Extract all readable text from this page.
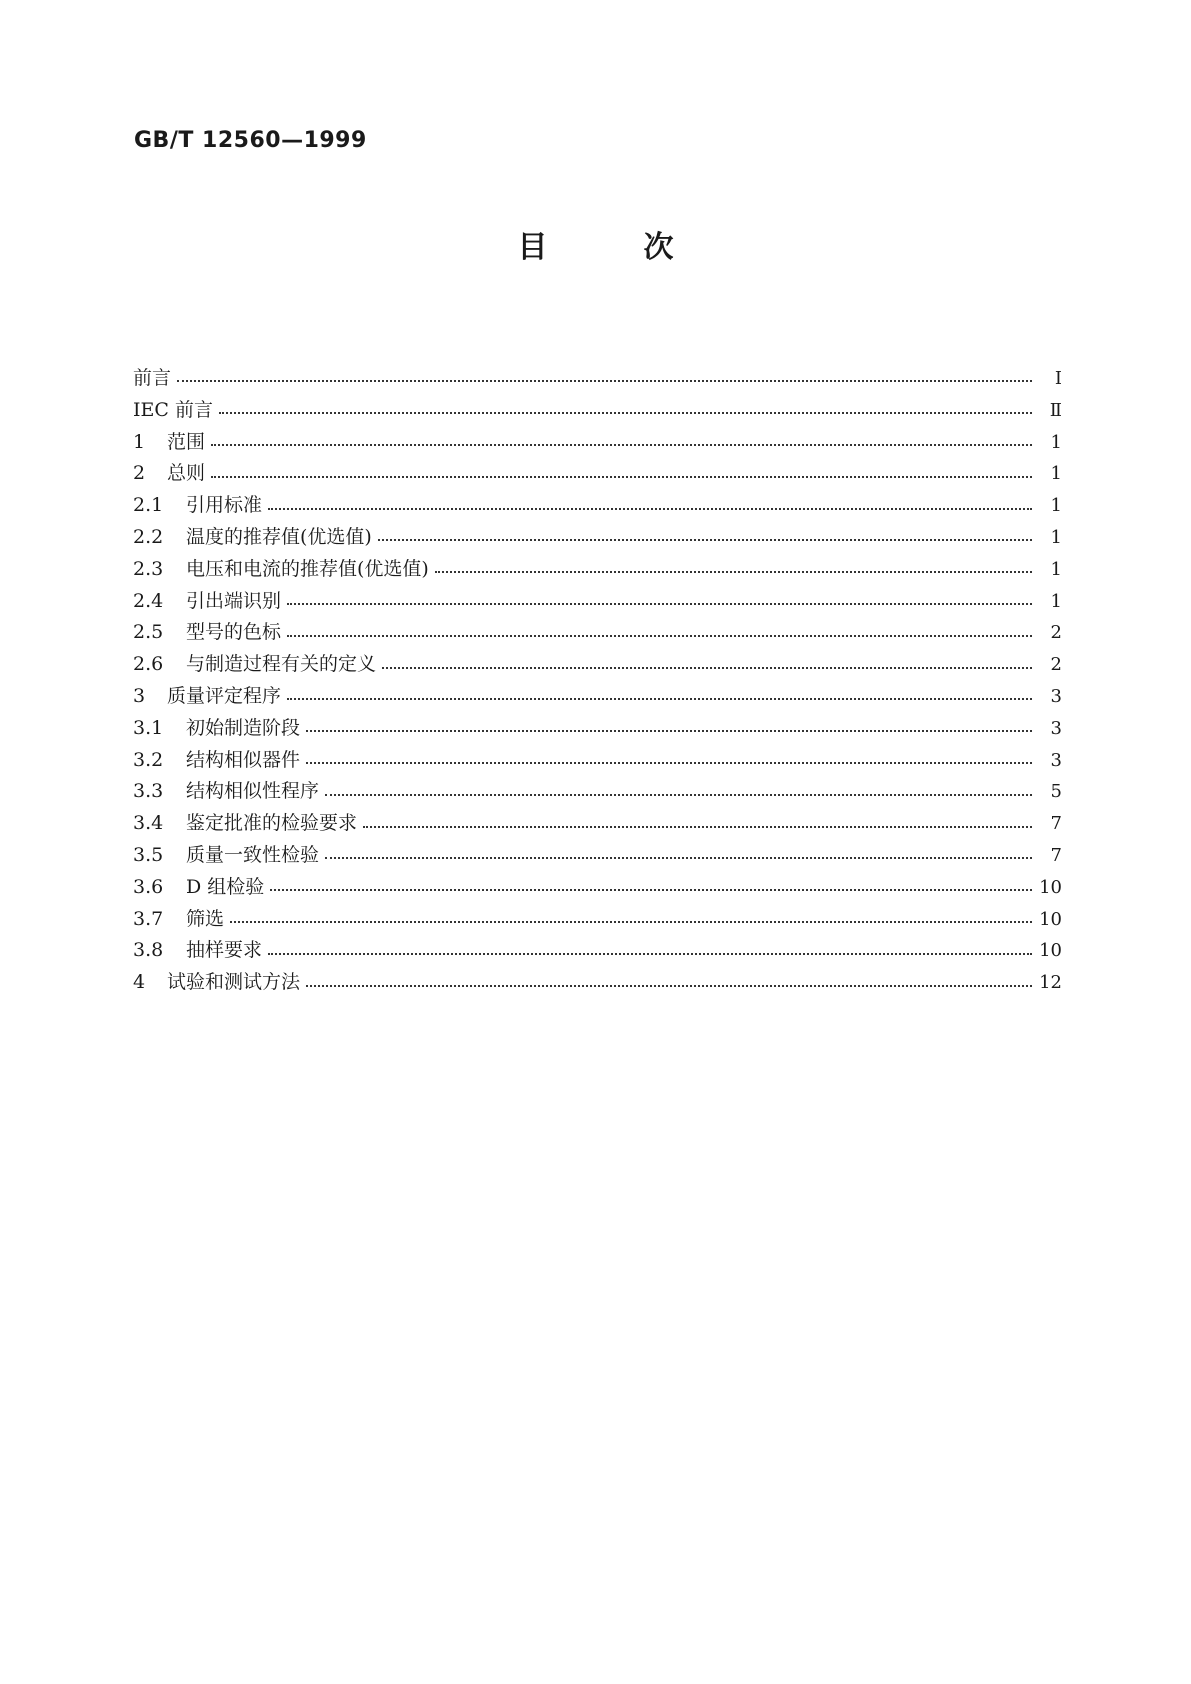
GB/T 12560—1999
目次
前言	I
IEC 前言	Ⅱ
1	范围	1
2	总则	1
2.1	引用标准	1
2.2	温度的推荐值(优选值)	1
2.3	电压和电流的推荐值(优选值)	1
2.4	引出端识别	1
2.5	型号的色标	2
2.6	与制造过程有关的定义	2
3	质量评定程序	3
3.1	初始制造阶段	3
3.2	结构相似器件	3
3.3	结构相似性程序	5
3.4	鉴定批准的检验要求	7
3.5	质量一致性检验	7
3.6	D 组检验	10
3.7	筛选	10
3.8	抽样要求	10
4	试验和测试方法	12
